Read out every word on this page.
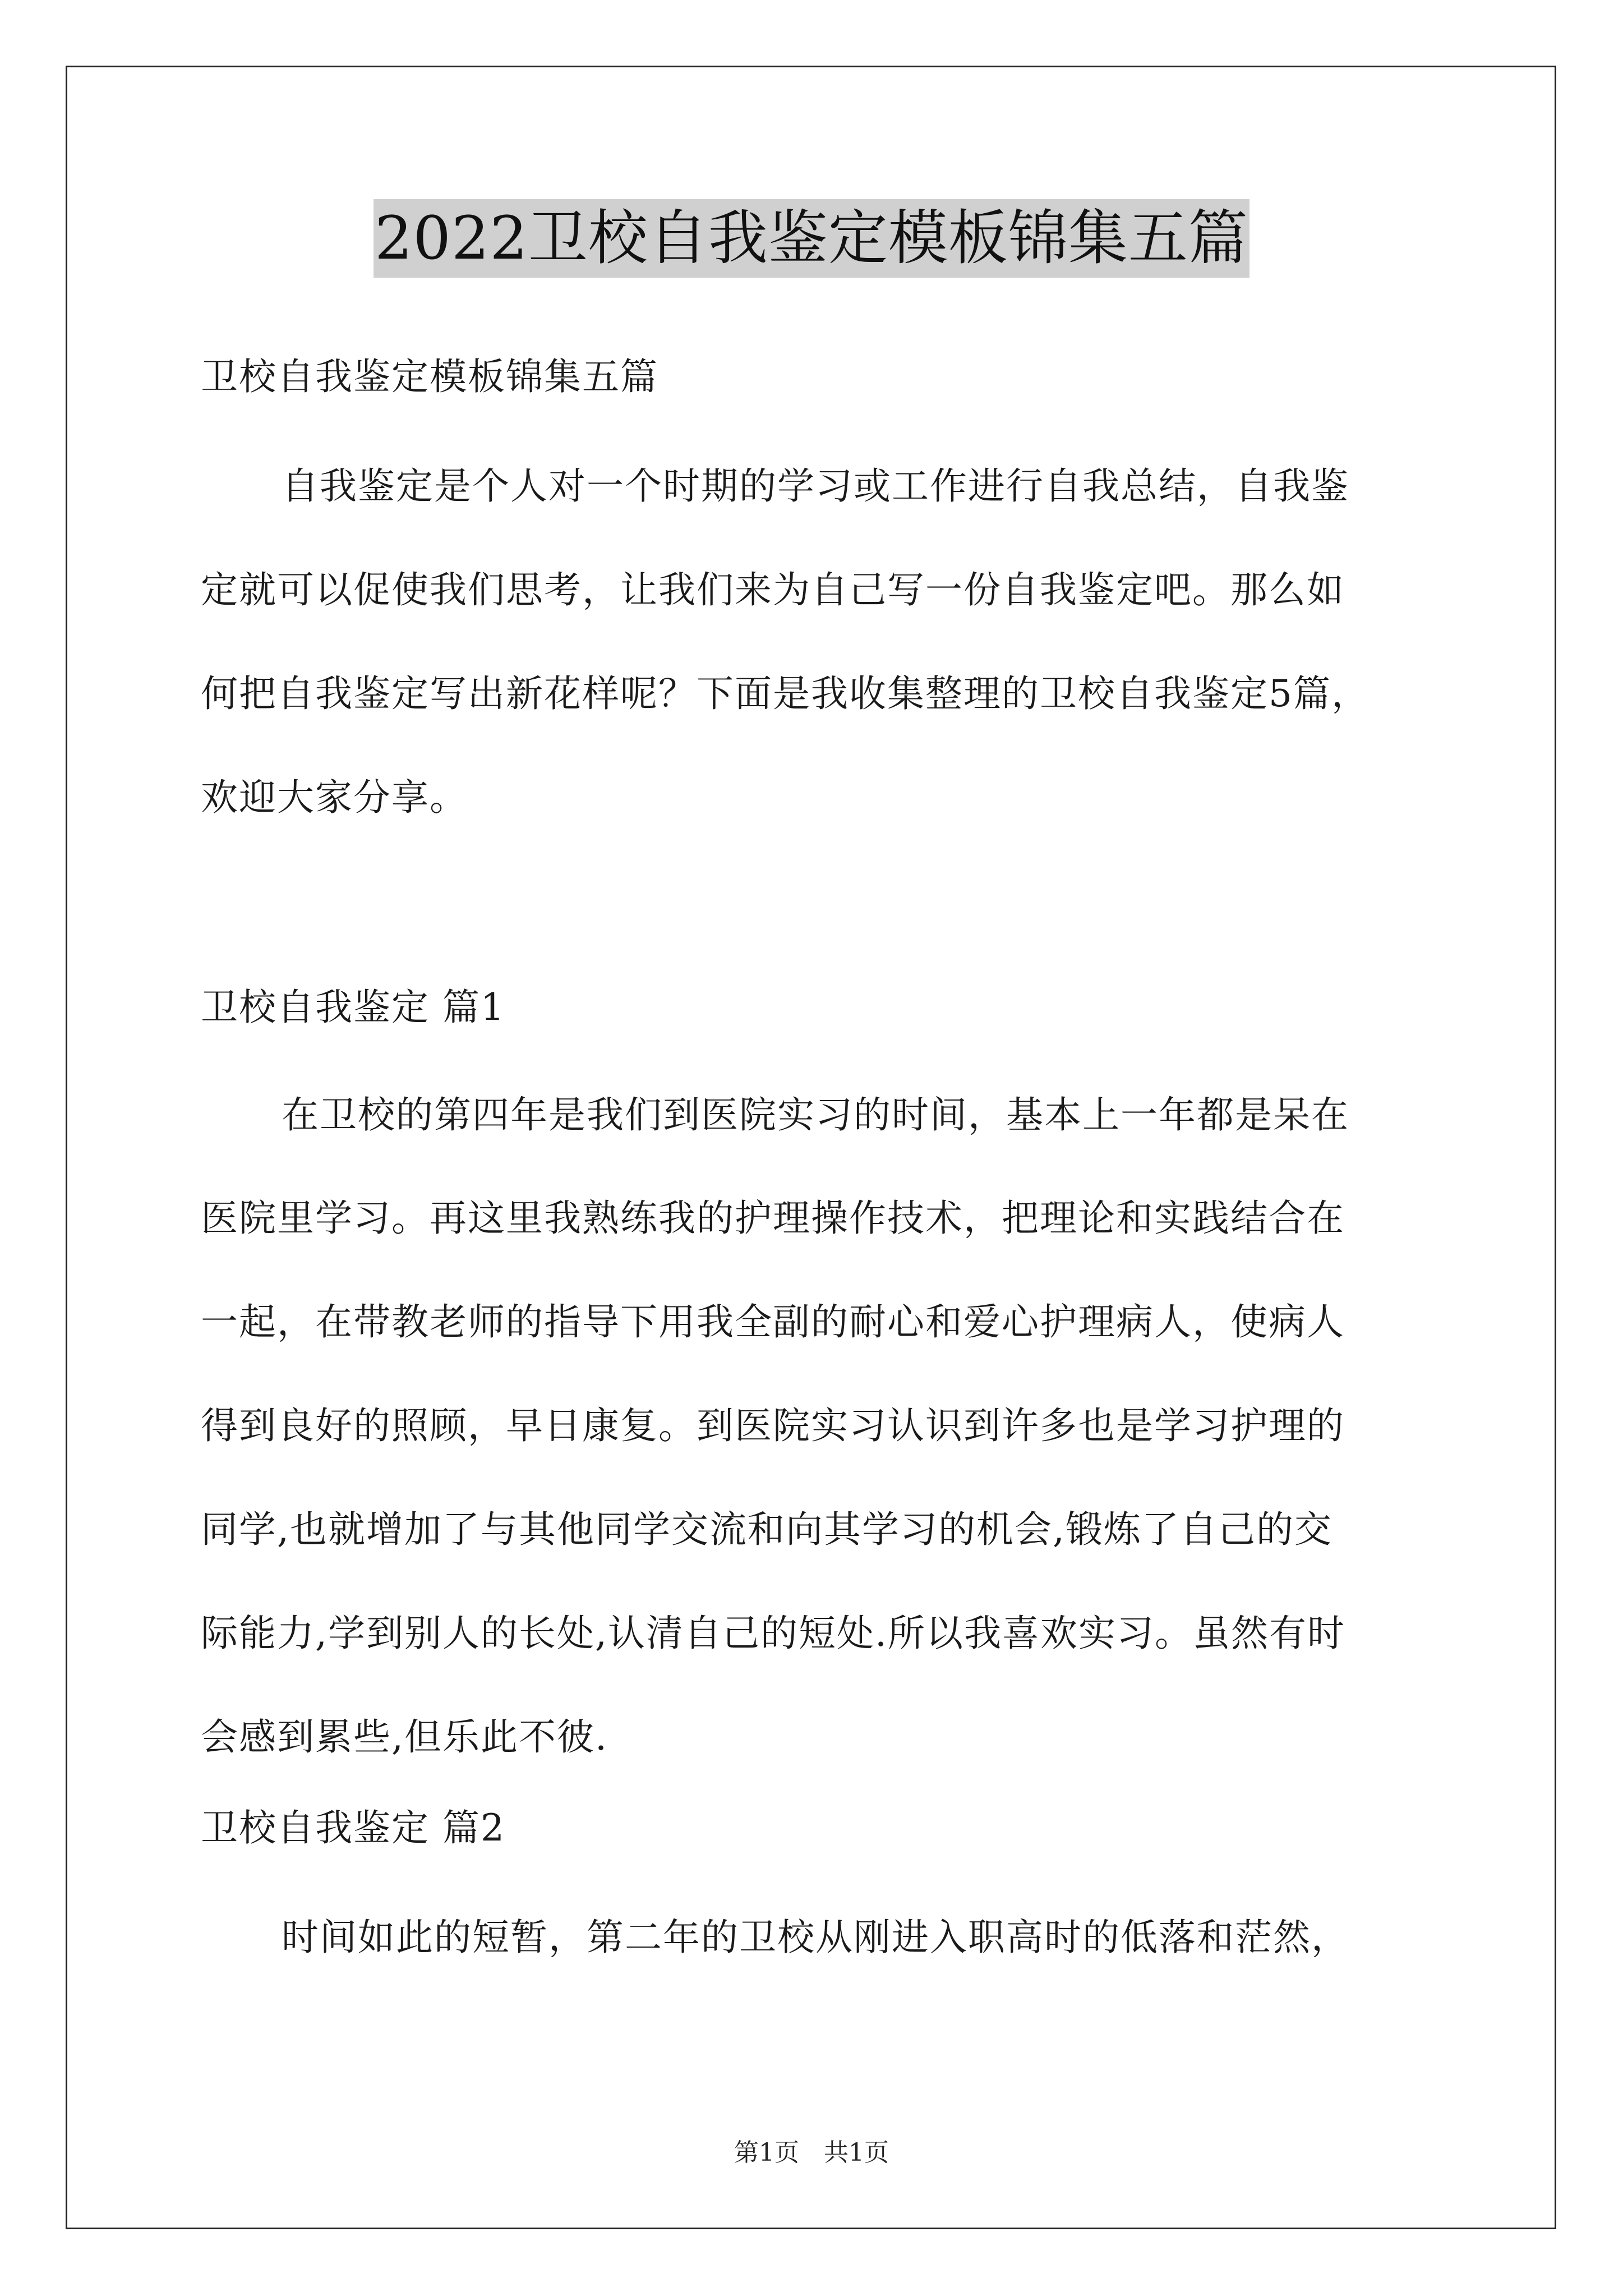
2022卫校自我鉴定模板锦集五篇

卫校自我鉴定模板锦集五篇

自我鉴定是个人对一个时期的学习或工作进行自我总结，自我鉴

定就可以促使我们思考，让我们来为自己写一份自我鉴定吧。那么如

何把自我鉴定写出新花样呢？下面是我收集整理的卫校自我鉴定5篇，

欢迎大家分享。

卫校自我鉴定 篇1

在卫校的第四年是我们到医院实习的时间，基本上一年都是呆在

医院里学习。再这里我熟练我的护理操作技术，把理论和实践结合在

一起，在带教老师的指导下用我全副的耐心和爱心护理病人，使病人

得到良好的照顾，早日康复。到医院实习认识到许多也是学习护理的

同学,也就增加了与其他同学交流和向其学习的机会,锻炼了自己的交

际能力,学到别人的长处,认清自己的短处.所以我喜欢实习。虽然有时

会感到累些,但乐此不彼.

卫校自我鉴定 篇2

时间如此的短暂，第二年的卫校从刚进入职高时的低落和茫然，

第1页　共1页
